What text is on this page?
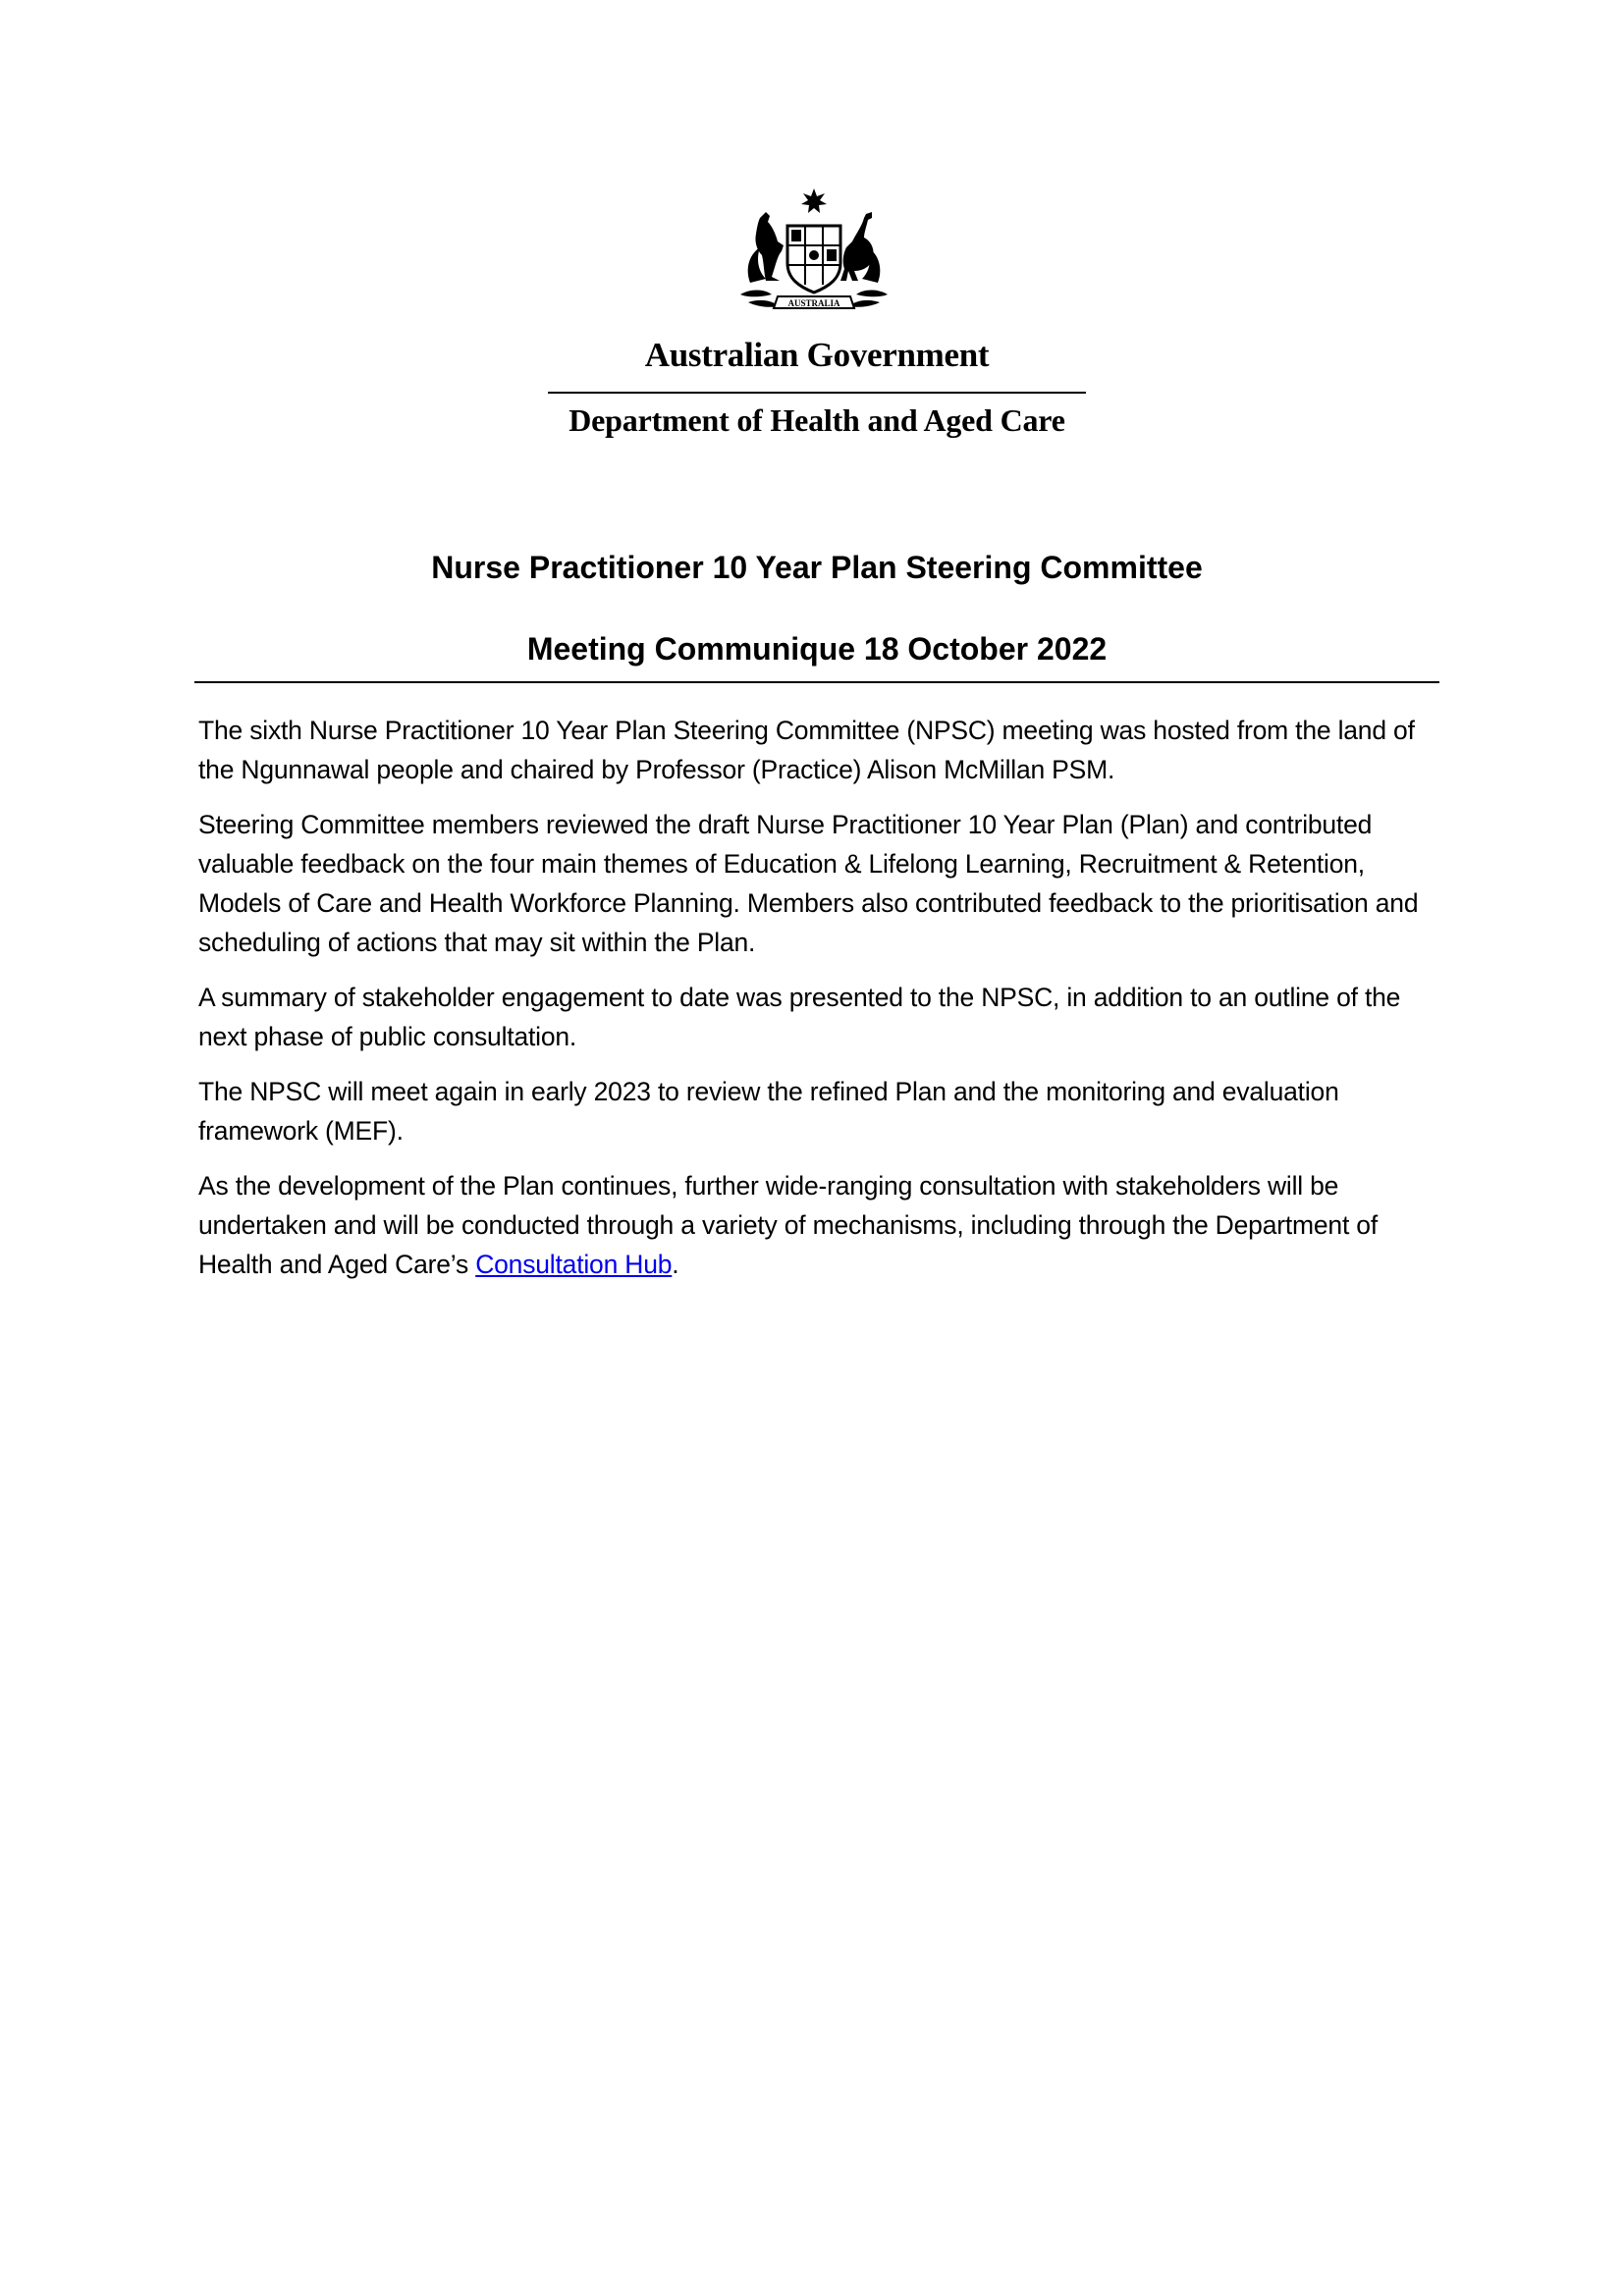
AUSTRALIA
Australian Government
Department of Health and Aged Care
Nurse Practitioner 10 Year Plan Steering Committee
Meeting Communique 18 October 2022

The sixth Nurse Practitioner 10 Year Plan Steering Committee (NPSC) meeting was hosted from the land of the Ngunnawal people and chaired by Professor (Practice) Alison McMillan PSM.

Steering Committee members reviewed the draft Nurse Practitioner 10 Year Plan (Plan) and contributed valuable feedback on the four main themes of Education & Lifelong Learning, Recruitment & Retention, Models of Care and Health Workforce Planning. Members also contributed feedback to the prioritisation and scheduling of actions that may sit within the Plan.

A summary of stakeholder engagement to date was presented to the NPSC, in addition to an outline of the next phase of public consultation.

The NPSC will meet again in early 2023 to review the refined Plan and the monitoring and evaluation framework (MEF).

As the development of the Plan continues, further wide-ranging consultation with stakeholders will be undertaken and will be conducted through a variety of mechanisms, including through the Department of Health and Aged Care’s Consultation Hub.
